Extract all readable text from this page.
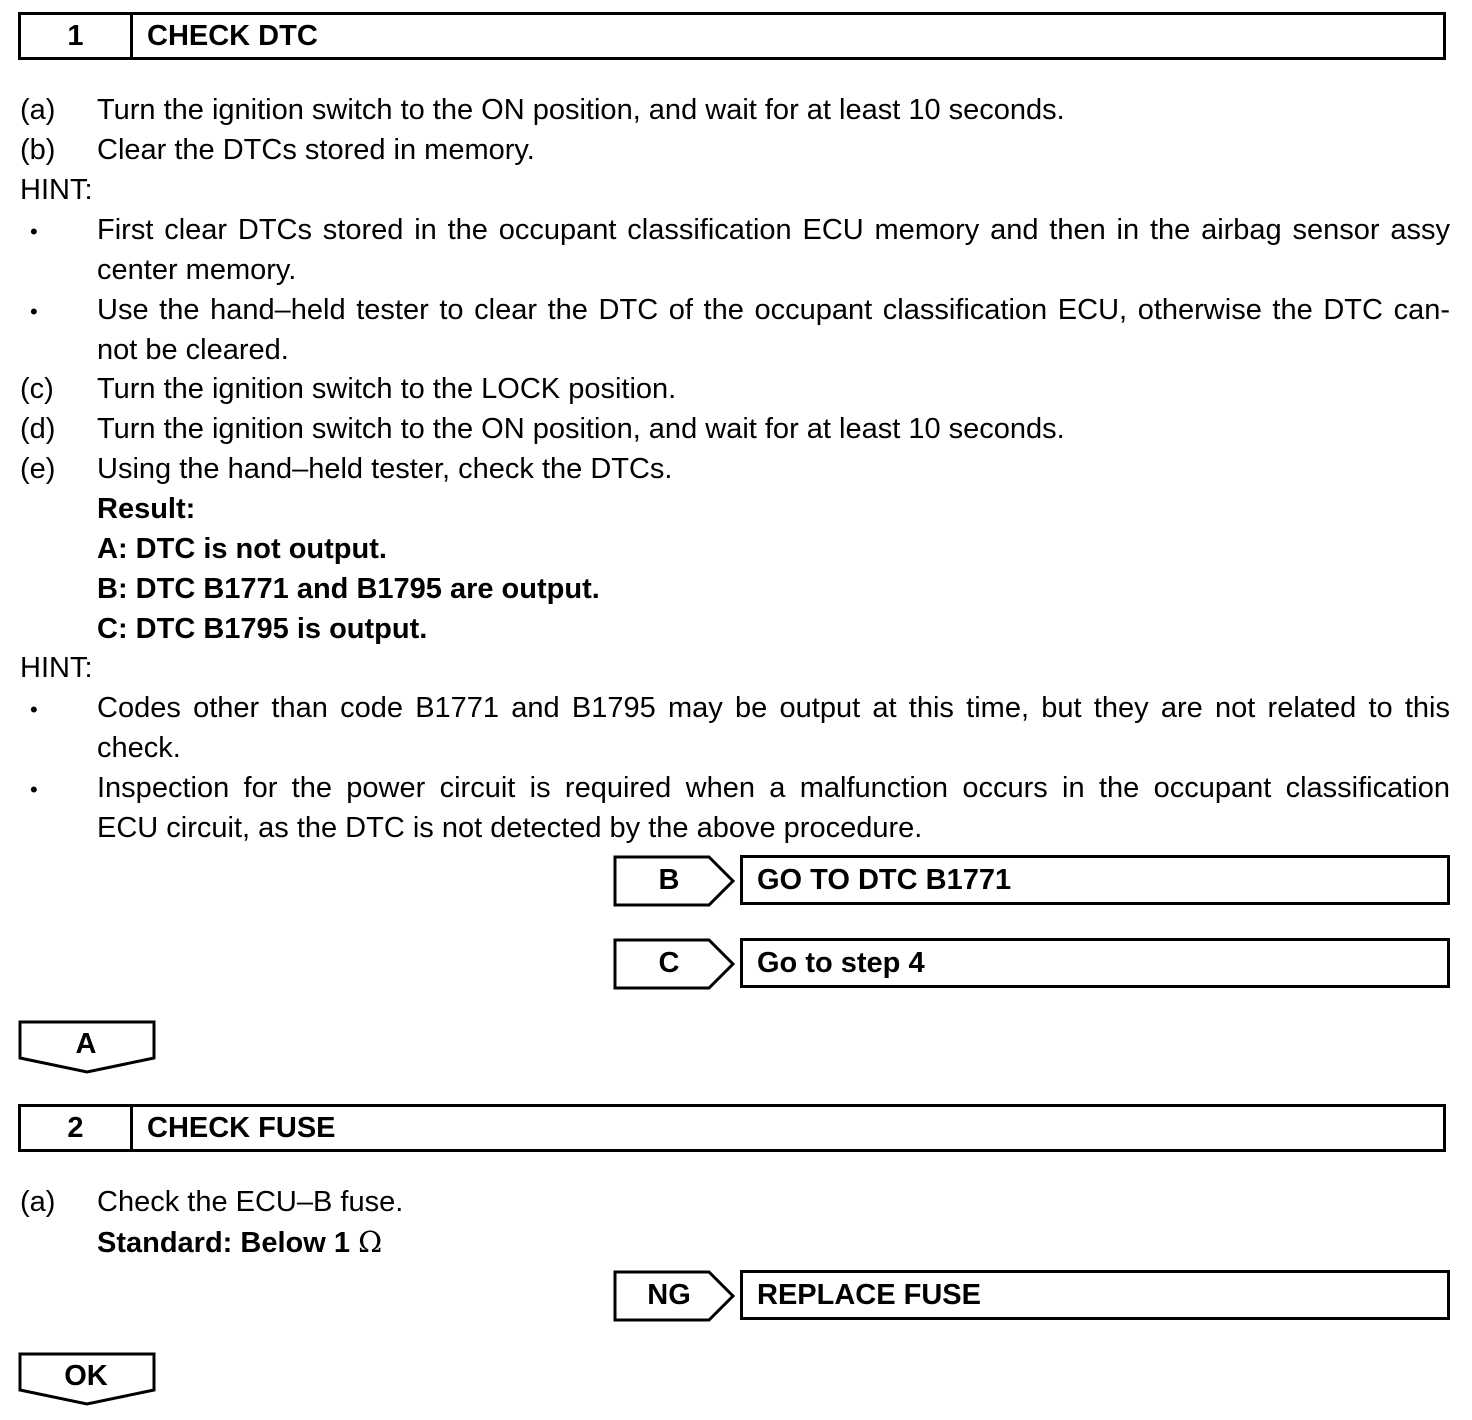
1	CHECK DTC
(a) Turn the ignition switch to the ON position, and wait for at least 10 seconds.
(b) Clear the DTCs stored in memory.
HINT:
• First clear DTCs stored in the occupant classification ECU memory and then in the airbag sensor assy
center memory.
• Use the hand–held tester to clear the DTC of the occupant classification ECU, otherwise the DTC can-
not be cleared.
(c) Turn the ignition switch to the LOCK position.
(d) Turn the ignition switch to the ON position, and wait for at least 10 seconds.
(e) Using the hand–held tester, check the DTCs.
Result:
A: DTC is not output.
B: DTC B1771 and B1795 are output.
C: DTC B1795 is output.
HINT:
• Codes other than code B1771 and B1795 may be output at this time, but they are not related to this
check.
• Inspection for the power circuit is required when a malfunction occurs in the occupant classification
ECU circuit, as the DTC is not detected by the above procedure.
B	GO TO DTC B1771
C	Go to step 4
A
2	CHECK FUSE
(a) Check the ECU–B fuse.
Standard: Below 1 Ω
NG	REPLACE FUSE
OK
